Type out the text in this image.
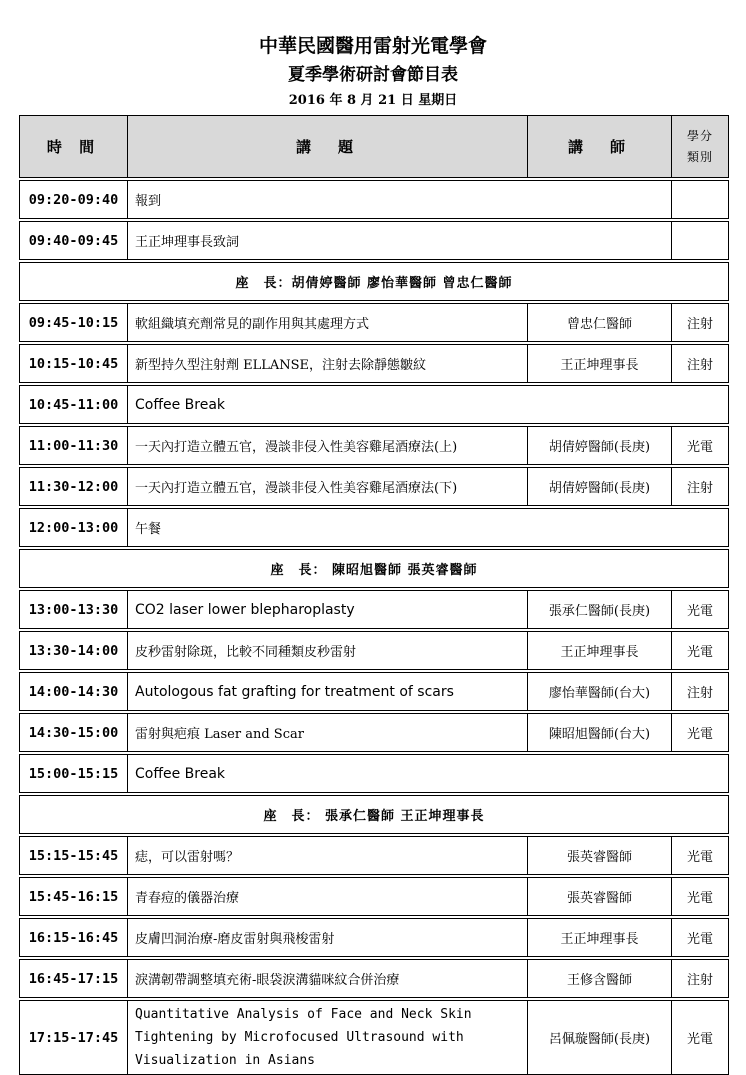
中華民國醫用雷射光電學會
夏季學術研討會節目表
2016 年 8 月 21 日 星期日
時 間	講　題	講　師	學分
類別

09:20-09:40	報到		

09:40-09:45	王正坤理事長致詞		

座　長：胡倩婷醫師 廖怡華醫師 曾忠仁醫師			

09:45-10:15	軟組織填充劑常見的副作用與其處理方式	曾忠仁醫師	注射

10:15-10:45	新型持久型注射劑 ELLANSE，注射去除靜態皺紋	王正坤理事長	注射

10:45-11:00	Coffee Break		

11:00-11:30	一天內打造立體五官，漫談非侵入性美容雞尾酒療法(上)	胡倩婷醫師(長庚)	光電

11:30-12:00	一天內打造立體五官，漫談非侵入性美容雞尾酒療法(下)	胡倩婷醫師(長庚)	注射

12:00-13:00	午餐		

座　長： 陳昭旭醫師 張英睿醫師			

13:00-13:30	CO2 laser lower blepharoplasty	張承仁醫師(長庚)	光電

13:30-14:00	皮秒雷射除斑，比較不同種類皮秒雷射	王正坤理事長	光電

14:00-14:30	Autologous fat grafting for treatment of scars	廖怡華醫師(台大)	注射

14:30-15:00	雷射與疤痕 Laser and Scar	陳昭旭醫師(台大)	光電

15:00-15:15	Coffee Break		

座　長： 張承仁醫師 王正坤理事長			

15:15-15:45	痣，可以雷射嗎？	張英睿醫師	光電

15:45-16:15	青春痘的儀器治療	張英睿醫師	光電

16:15-16:45	皮膚凹洞治療-磨皮雷射與飛梭雷射	王正坤理事長	光電

16:45-17:15	淚溝韌帶調整填充術-眼袋淚溝貓咪紋合併治療	王修含醫師	注射

17:15-17:45	Quantitative Analysis of Face and Neck Skin
Tightening by Microfocused Ultrasound with
Visualization in Asians	呂佩璇醫師(長庚)	光電
